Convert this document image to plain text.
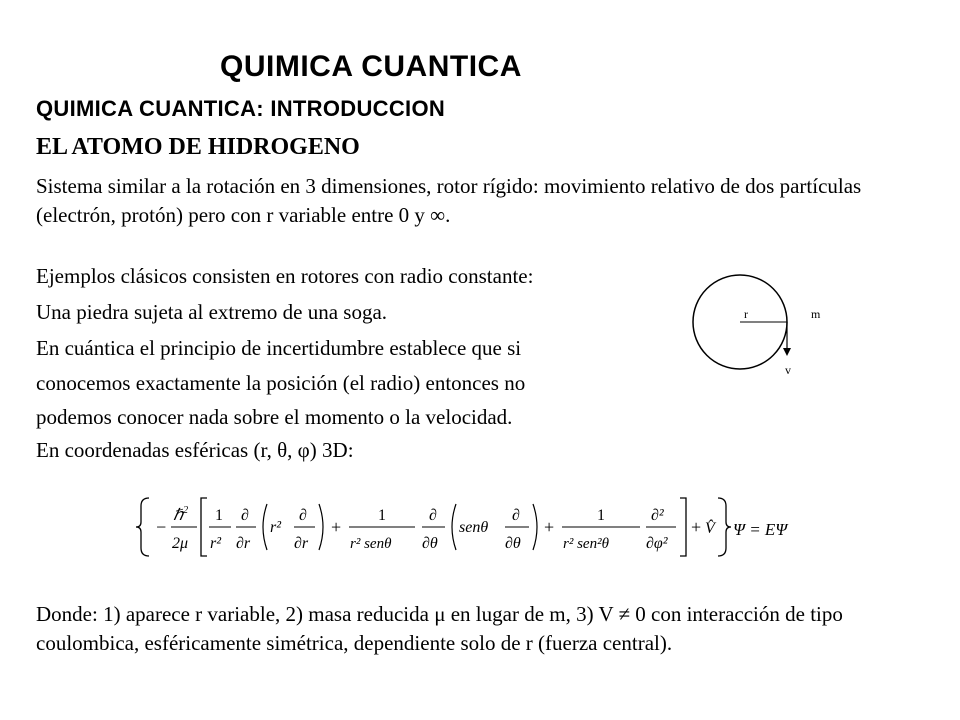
QUIMICA CUANTICA
QUIMICA CUANTICA: INTRODUCCION
EL ATOMO DE HIDROGENO
Sistema similar a la rotación en 3 dimensiones, rotor rígido: movimiento relativo de dos partículas (electrón, protón) pero con r variable entre 0 y ∞.
Ejemplos clásicos consisten en rotores con radio constante:
Una piedra sujeta al extremo de una soga.
En cuántica el principio de incertidumbre establece que si
conocemos exactamente la posición (el radio) entonces no
podemos conocer nada sobre el momento o la velocidad.
En coordenadas esféricas (r, θ, φ) 3D:
r	m
v
−
ℏ$^2$
2μ
1
r²
∂
∂r
r²
∂
∂r
+
1
r² senθ
∂
∂θ
senθ
∂
∂θ
+
1
r² sen²θ
∂²
∂φ²
+ V̂ Ψ = EΨ
Donde: 1) aparece r variable, 2) masa reducida μ en lugar de m, 3) V ≠ 0 con interacción de tipo coulombica, esféricamente simétrica, dependiente solo de r (fuerza central).
